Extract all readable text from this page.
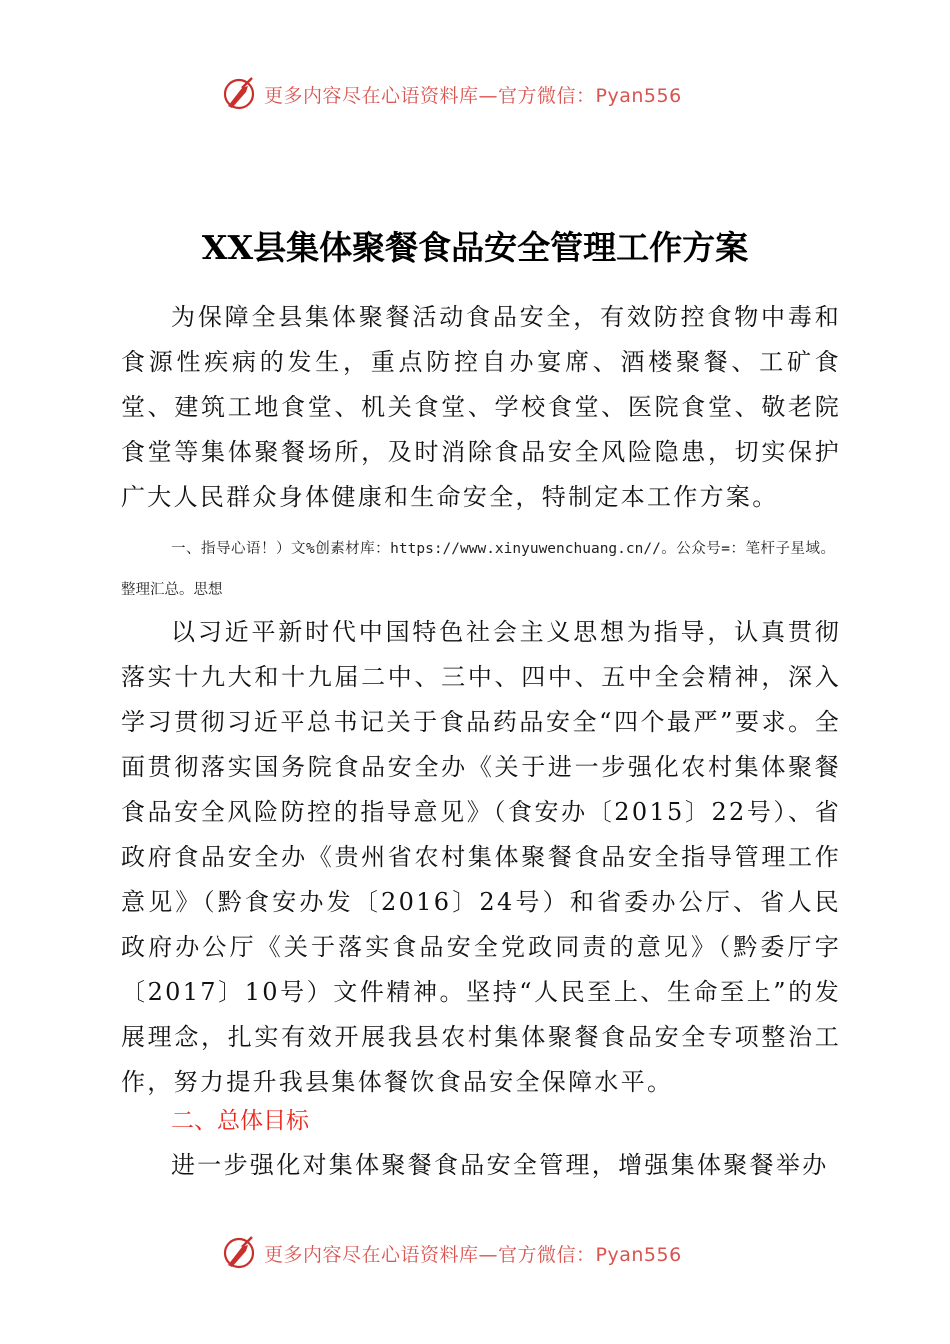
更多内容尽在心语资料库—官方微信：Pyan556
XX县集体聚餐食品安全管理工作方案

为保障全县集体聚餐活动食品安全，有效防控食物中毒和食源性疾病的发生，重点防控自办宴席、酒楼聚餐、工矿食堂、建筑工地食堂、机关食堂、学校食堂、医院食堂、敬老院食堂等集体聚餐场所，及时消除食品安全风险隐患，切实保护广大人民群众身体健康和生命安全，特制定本工作方案。

一、指导心语！）文%创素材库：https://www.xinyuwenchuang.cn//。公众号=：笔杆子星域。整理汇总。思想

以习近平新时代中国特色社会主义思想为指导，认真贯彻落实十九大和十九届二中、三中、四中、五中全会精神，深入学习贯彻习近平总书记关于食品药品安全“四个最严”要求。全面贯彻落实国务院食品安全办《关于进一步强化农村集体聚餐食品安全风险防控的指导意见》（食安办〔2015〕22号）、省政府食品安全办《贵州省农村集体聚餐食品安全指导管理工作意见》（黔食安办发〔2016〕24号）和省委办公厅、省人民政府办公厅《关于落实食品安全党政同责的意见》（黔委厅字〔2017〕10号）文件精神。坚持“人民至上、生命至上”的发展理念，扎实有效开展我县农村集体聚餐食品安全专项整治工作，努力提升我县集体餐饮食品安全保障水平。

二、总体目标

进一步强化对集体聚餐食品安全管理，增强集体聚餐举办

更多内容尽在心语资料库—官方微信：Pyan556
